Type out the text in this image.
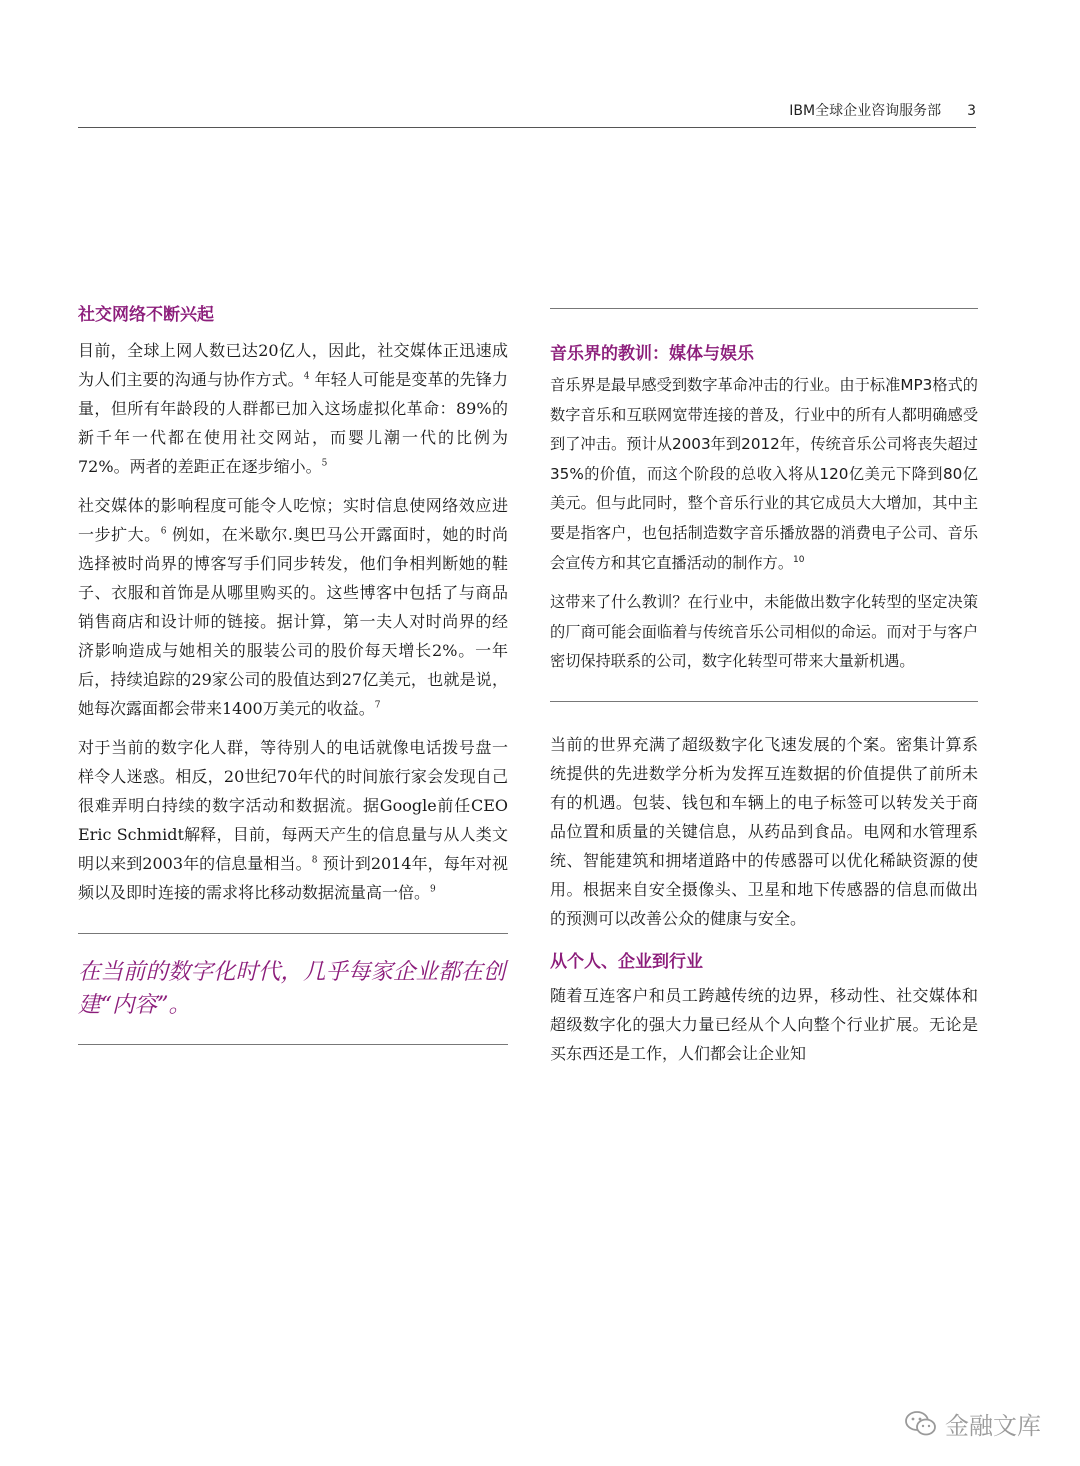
IBM全球企业咨询服务部 3
社交网络不断兴起

目前，全球上网人数已达20亿人，因此，社交媒体正迅速成为人们主要的沟通与协作方式。$^4$ 年轻人可能是变革的先锋力量，但所有年龄段的人群都已加入这场虚拟化革命：89%的新千年一代都在使用社交网站，而婴儿潮一代的比例为72%。两者的差距正在逐步缩小。$^5$

社交媒体的影响程度可能令人吃惊；实时信息使网络效应进一步扩大。$^6$ 例如，在米歇尔.奥巴马公开露面时，她的时尚选择被时尚界的博客写手们同步转发，他们争相判断她的鞋子、衣服和首饰是从哪里购买的。这些博客中包括了与商品销售商店和设计师的链接。据计算，第一夫人对时尚界的经济影响造成与她相关的服装公司的股价每天增长2%。一年后，持续追踪的29家公司的股值达到27亿美元，也就是说，她每次露面都会带来1400万美元的收益。$^7$

对于当前的数字化人群，等待别人的电话就像电话拨号盘一样令人迷惑。相反，20世纪70年代的时间旅行家会发现自己很难弄明白持续的数字活动和数据流。据Google前任CEO Eric Schmidt解释，目前，每两天产生的信息量与从人类文明以来到2003年的信息量相当。$^8$ 预计到2014年，每年对视频以及即时连接的需求将比移动数据流量高一倍。$^9$

在当前的数字化时代，几乎每家企业都在创建“内容”。

音乐界的教训：媒体与娱乐

音乐界是最早感受到数字革命冲击的行业。由于标准MP3格式的数字音乐和互联网宽带连接的普及，行业中的所有人都明确感受到了冲击。预计从2003年到2012年，传统音乐公司将丧失超过35%的价值，而这个阶段的总收入将从120亿美元下降到80亿美元。但与此同时，整个音乐行业的其它成员大大增加，其中主要是指客户，也包括制造数字音乐播放器的消费电子公司、音乐会宣传方和其它直播活动的制作方。$^{10}$

这带来了什么教训？在行业中，未能做出数字化转型的坚定决策的厂商可能会面临着与传统音乐公司相似的命运。而对于与客户密切保持联系的公司，数字化转型可带来大量新机遇。

当前的世界充满了超级数字化飞速发展的个案。密集计算系统提供的先进数学分析为发挥互连数据的价值提供了前所未有的机遇。包装、钱包和车辆上的电子标签可以转发关于商品位置和质量的关键信息，从药品到食品。电网和水管理系统、智能建筑和拥堵道路中的传感器可以优化稀缺资源的使用。根据来自安全摄像头、卫星和地下传感器的信息而做出的预测可以改善公众的健康与安全。

从个人、企业到行业

随着互连客户和员工跨越传统的边界，移动性、社交媒体和超级数字化的强大力量已经从个人向整个行业扩展。无论是买东西还是工作，人们都会让企业知

金融文库
